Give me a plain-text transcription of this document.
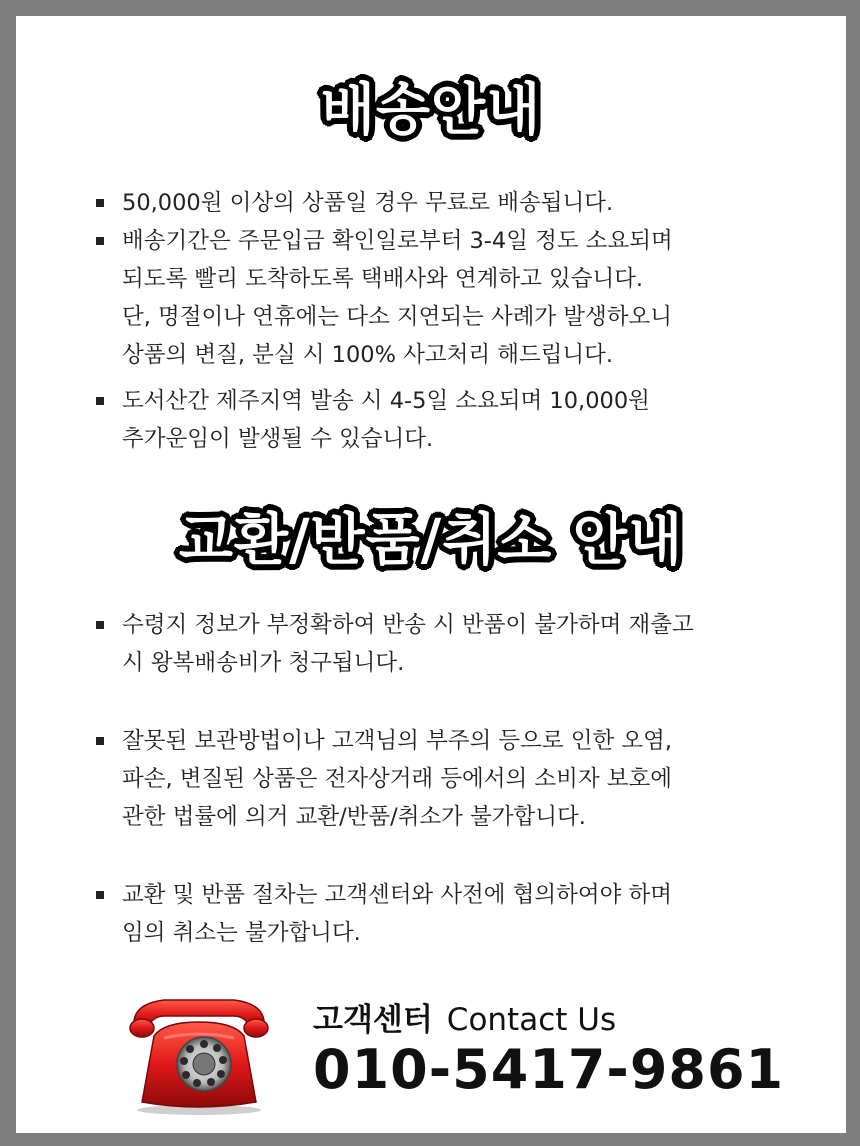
배송안내
50,000원 이상의 상품일 경우 무료로 배송됩니다.
배송기간은 주문입금 확인일로부터 3-4일 정도 소요되며
되도록 빨리 도착하도록 택배사와 연계하고 있습니다.
단, 명절이나 연휴에는 다소 지연되는 사례가 발생하오니
상품의 변질, 분실 시 100% 사고처리 해드립니다.
도서산간 제주지역 발송 시 4-5일 소요되며 10,000원
추가운임이 발생될 수 있습니다.
교환/반품/취소 안내
수령지 정보가 부정확하여 반송 시 반품이 불가하며 재출고
시 왕복배송비가 청구됩니다.
잘못된 보관방법이나 고객님의 부주의 등으로 인한 오염,
파손, 변질된 상품은 전자상거래 등에서의 소비자 보호에
관한 법률에 의거 교환/반품/취소가 불가합니다.
교환 및 반품 절차는 고객센터와 사전에 협의하여야 하며
임의 취소는 불가합니다.
고객센터 Contact Us
010-5417-9861
